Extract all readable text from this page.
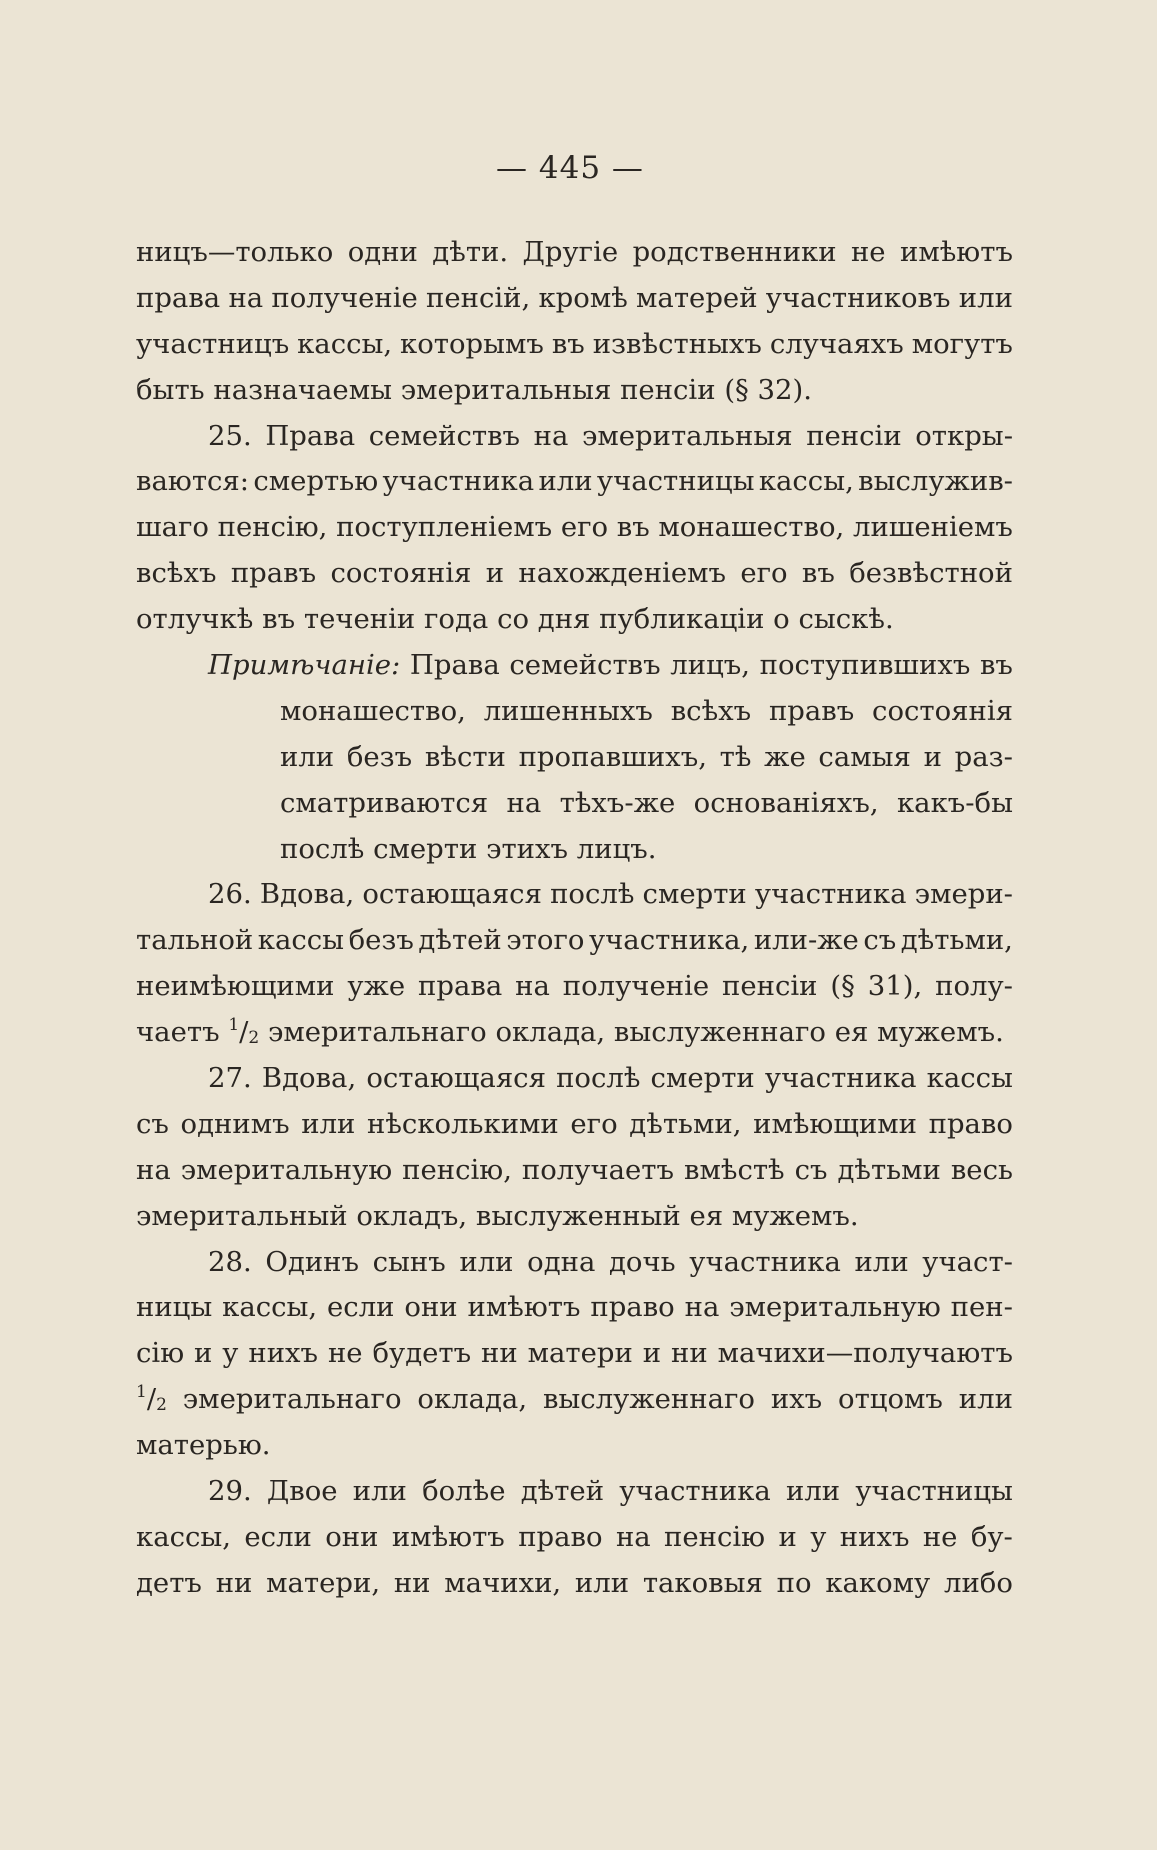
— 445 —
ницъ—только одни дѣти. Другіе родственники не имѣютъ
права на полученіе пенсій, кромѣ матерей участниковъ или
участницъ кассы, которымъ въ извѣстныхъ случаяхъ могутъ
быть
назначаемы
эмеритальныя
пенсіи
(§
32).
25. Права семействъ на эмеритальныя пенсіи откры-
ваются: смертью участника или участницы кассы, выслужив-
шаго пенсію, поступленіемъ его въ монашество, лишеніемъ
всѣхъ правъ состоянія и нахожденіемъ его въ безвѣстной
отлучкѣ
въ
теченіи
года
со
дня
публикаціи
о
сыскѣ.
Примѣчаніе: Права семействъ лицъ, поступившихъ въ
монашество, лишенныхъ всѣхъ правъ состоянія
или безъ вѣсти пропавшихъ, тѣ же самыя и раз-
сматриваются на тѣхъ-же основаніяхъ, какъ-бы
послѣ
смерти
этихъ
лицъ.
26. Вдова, остающаяся послѣ смерти участника эмери-
тальной кассы безъ дѣтей этого участника, или-же съ дѣтьми,
неимѣющими уже права на полученіе пенсіи (§ 31), полу-
чаетъ
$^1/_2$
эмеритальнаго
оклада,
выслуженнаго
ея
мужемъ.
27. Вдова, остающаяся послѣ смерти участника кассы
съ однимъ или нѣсколькими его дѣтьми, имѣющими право
на эмеритальную пенсію, получаетъ вмѣстѣ съ дѣтьми весь
эмеритальный
окладъ,
выслуженный
ея
мужемъ.
28. Одинъ сынъ или одна дочь участника или участ-
ницы кассы, если они имѣютъ право на эмеритальную пен-
сію и у нихъ не будетъ ни матери и ни мачихи—получаютъ
$^1/_2$ эмеритальнаго оклада, выслуженнаго ихъ отцомъ или
матерью.
29. Двое или болѣе дѣтей участника или участницы
кассы, если они имѣютъ право на пенсію и у нихъ не бу-
детъ ни матери, ни мачихи, или таковыя по какому либо
